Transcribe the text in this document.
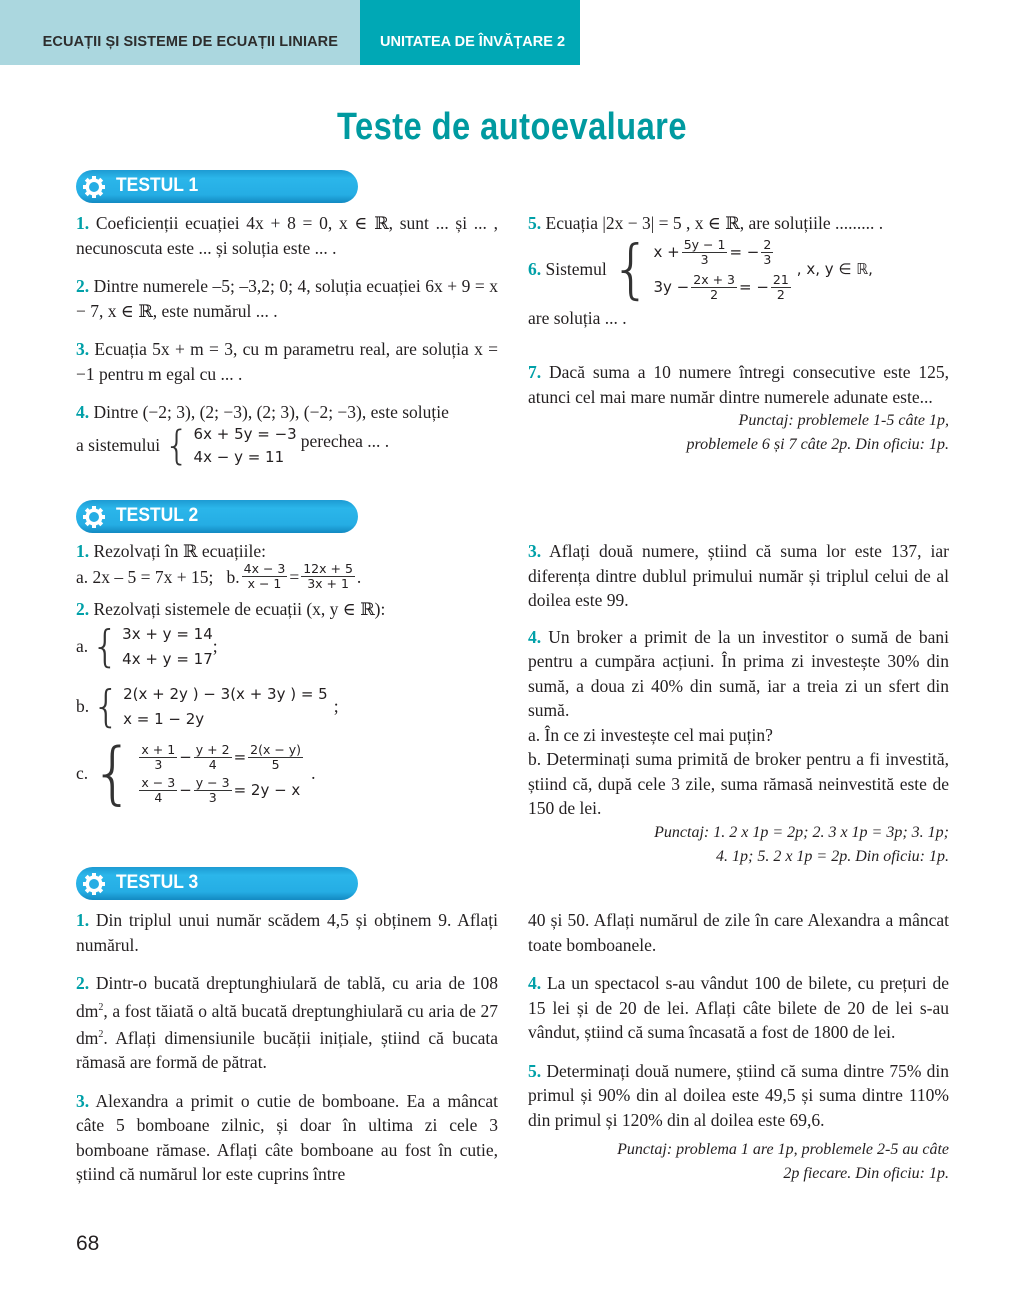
ECUAȚII ȘI SISTEME DE ECUAȚII LINIARE	UNITATEA DE ÎNVĂȚARE 2
Teste de autoevaluare
TESTUL 1

1. Coeficienții ecuației 4x + 8 = 0, x ∈ ℝ, sunt ... și ... , necunoscuta este ... și soluția este ... .

2. Dintre numerele –5; –3,2; 0; 4, soluția ecuației 6x + 9 = x − 7, x ∈ ℝ, este numărul ... .

3. Ecuația 5x + m = 3, cu m parametru real, are soluția x = −1 pentru m egal cu ... .

4. Dintre (−2; 3), (2; −3), (2; 3), (−2; −3), este soluție

a sistemului { 6x + 5y = −3
4x − y = 11
perechea ... .

5. Ecuația |2x − 3| = 5 , x ∈ ℝ, are soluțiile ......... .

6.
Sistemul { $x + \frac{5y - 1}{3}$ = − $\frac{2}{3}$
$3y - \frac{2x + 3}{2}$ = − $\frac{21}{2}$
, x, y ∈ ℝ,

are soluția ... .

7. Dacă suma a 10 numere întregi consecutive este 125, atunci cel mai mare număr dintre numerele adunate este...

Punctaj: problemele 1-5 câte 1p,

problemele 6 și 7 câte 2p. Din oficiu: 1p.

TESTUL 2

1. Rezolvați în ℝ ecuațiile:

a. 2x – 5 = 7x + 15;
b. $\frac{4x - 3}{x - 1} = \frac{12x + 5}{3x + 1}$ .

2. Rezolvați sistemele de ecuații (x, y ∈ ℝ):

a. { 3x + y = 14
4x + y = 17
;
b. { 2(x + 2y ) − 3(x + 3y ) = 5
x = 1 − 2y
;
c. { $\frac{x + 1}{3} - \frac{y + 2}{4} = \frac{2(x - y)}{5}$
$\frac{x - 3}{4} - \frac{y - 3}{3} = 2y - x$
.

3. Aflați două numere, știind că suma lor este 137, iar diferența dintre dublul primului număr și triplul celui de al doilea este 99.

4. Un broker a primit de la un investitor o sumă de bani pentru a cumpăra acțiuni. În prima zi investește 30% din sumă, a doua zi 40% din sumă, iar a treia zi un sfert din sumă.

a. În ce zi investește cel mai puțin?

b. Determinați suma primită de broker pentru a fi investită, știind că, după cele 3 zile, suma rămasă neinvestită este de 150 de lei.

Punctaj: 1. 2 x 1p = 2p; 2. 3 x 1p = 3p; 3. 1p;

4. 1p; 5. 2 x 1p = 2p. Din oficiu: 1p.

TESTUL 3

1. Din triplul unui număr scădem 4,5 și obținem 9. Aflați numărul.

2. Dintr-o bucată dreptunghiulară de tablă, cu aria de 108 $dm^2$, a fost tăiată o altă bucată dreptunghiulară cu aria de 27 $dm^2$. Aflați dimensiunile bucății inițiale, știind că bucata rămasă are formă de pătrat.

3. Alexandra a primit o cutie de bomboane. Ea a mâncat câte 5 bomboane zilnic, și doar în ultima zi cele 3 bomboane rămase. Aflați câte bomboane au fost în cutie, știind că numărul lor este cuprins între

40 și 50. Aflați numărul de zile în care Alexandra a mâncat toate bomboanele.

4. La un spectacol s-au vândut 100 de bilete, cu prețuri de 15 lei și de 20 de lei. Aflați câte bilete de 20 de lei s-au vândut, știind că suma încasată a fost de 1800 de lei.

5. Determinați două numere, știind că suma dintre 75% din primul și 90% din al doilea este 49,5 și suma dintre 110% din primul și 120% din al doilea este 69,6.

Punctaj: problema 1 are 1p, problemele 2-5 au câte

2p fiecare. Din oficiu: 1p.

68
